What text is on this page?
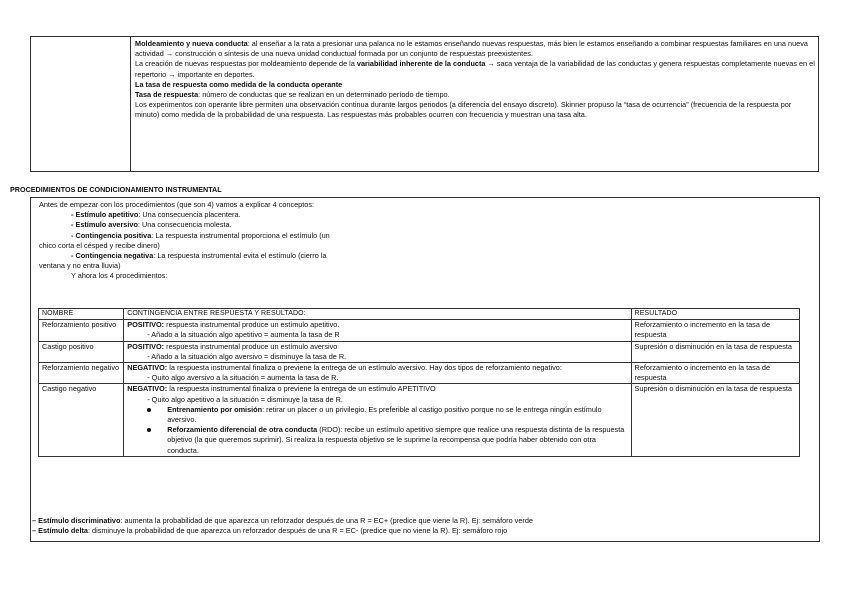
Moldeamiento y nueva conducta: al enseñar a la rata a presionar una palanca no le estamos enseñando nuevas respuestas, más bien le estamos enseñando a combinar respuestas familiares en una nueva actividad → construcción o síntesis de una nueva unidad conductual formada por un conjunto de respuestas preexistentes.

La creación de nuevas respuestas por moldeamiento depende de la variabilidad inherente de la conducta → saca ventaja de la variabilidad de las conductas y genera respuestas completamente nuevas en el repertorio → importante en deportes.

La tasa de respuesta como medida de la conducta operante

Tasa de respuesta: número de conductas que se realizan en un determinado período de tiempo.

Los experimentos con operante libre permiten una observación continua durante largos periodos (a diferencia del ensayo discreto). Skinner propuso la “tasa de ocurrencia” (frecuencia de la respuesta por minuto) como medida de la probabilidad de una respuesta. Las respuestas más probables ocurren con frecuencia y muestran una tasa alta.

PROCEDIMIENTOS DE CONDICIONAMIENTO INSTRUMENTAL

Antes de empezar con los procedimientos (que son 4) vamos a explicar 4 conceptos:

- Estímulo apetitivo: Una consecuencia placentera.

- Estímulo aversivo: Una consecuencia molesta.

- Contingencia positiva: La respuesta instrumental proporciona el estímulo (un

chico corta el césped y recibe dinero)

- Contingencia negativa: La respuesta instrumental evita el estímulo (cierro la

ventana y no entra lluvia)

Y ahora los 4 procedimientos:

NOMBRE	CONTINGENCIA ENTRE RESPUESTA Y RESULTADO:	RESULTADO
Reforzamiento positivo	POSITIVO: respuesta instrumental produce un estímulo apetitivo.

- Añado a la situación algo apetitivo = aumenta la tasa de R	Reforzamiento o incremento en la tasa de respuesta
Castigo positivo	POSITIVO: respuesta instrumental produce un estímulo aversivo

- Añado a la situación algo aversivo = disminuye la tasa de R.	Supresión o disminución en la tasa de respuesta
Reforzamiento negativo	NEGATIVO: la respuesta instrumental finaliza o previene la entrega de un estímulo aversivo. Hay dos tipos de reforzamiento negativo:

- Quito algo aversivo a la situación = aumenta la tasa de R.	Reforzamiento o incremento en la tasa de respuesta
Castigo negativo	NEGATIVO: la respuesta instrumental finaliza o previene la entrega de un estímulo APETITIVO

- Quito algo apetitivo a la situación = disminuye la tasa de R.

Entrenamiento por omisión: retirar un placer o un privilegio. Es preferible al castigo positivo porque no se le entrega ningún estímulo aversivo.

Reforzamiento diferencial de otra conducta (RDO): recibe un estímulo apetitivo siempre que realice una respuesta distinta de la respuesta objetivo (la que queremos suprimir). Si realiza la respuesta objetivo se le suprime la recompensa que podría haber obtenido con otra conducta.	Supresión o disminución en la tasa de respuesta

– Estímulo discriminativo: aumenta la probabilidad de que aparezca un reforzador después de una R = EC+ (predice que viene la R). Ej: semáforo verde

– Estímulo delta: disminuye la probabilidad de que aparezca un reforzador después de una R = EC- (predice que no viene la R). Ej: semáforo rojo
